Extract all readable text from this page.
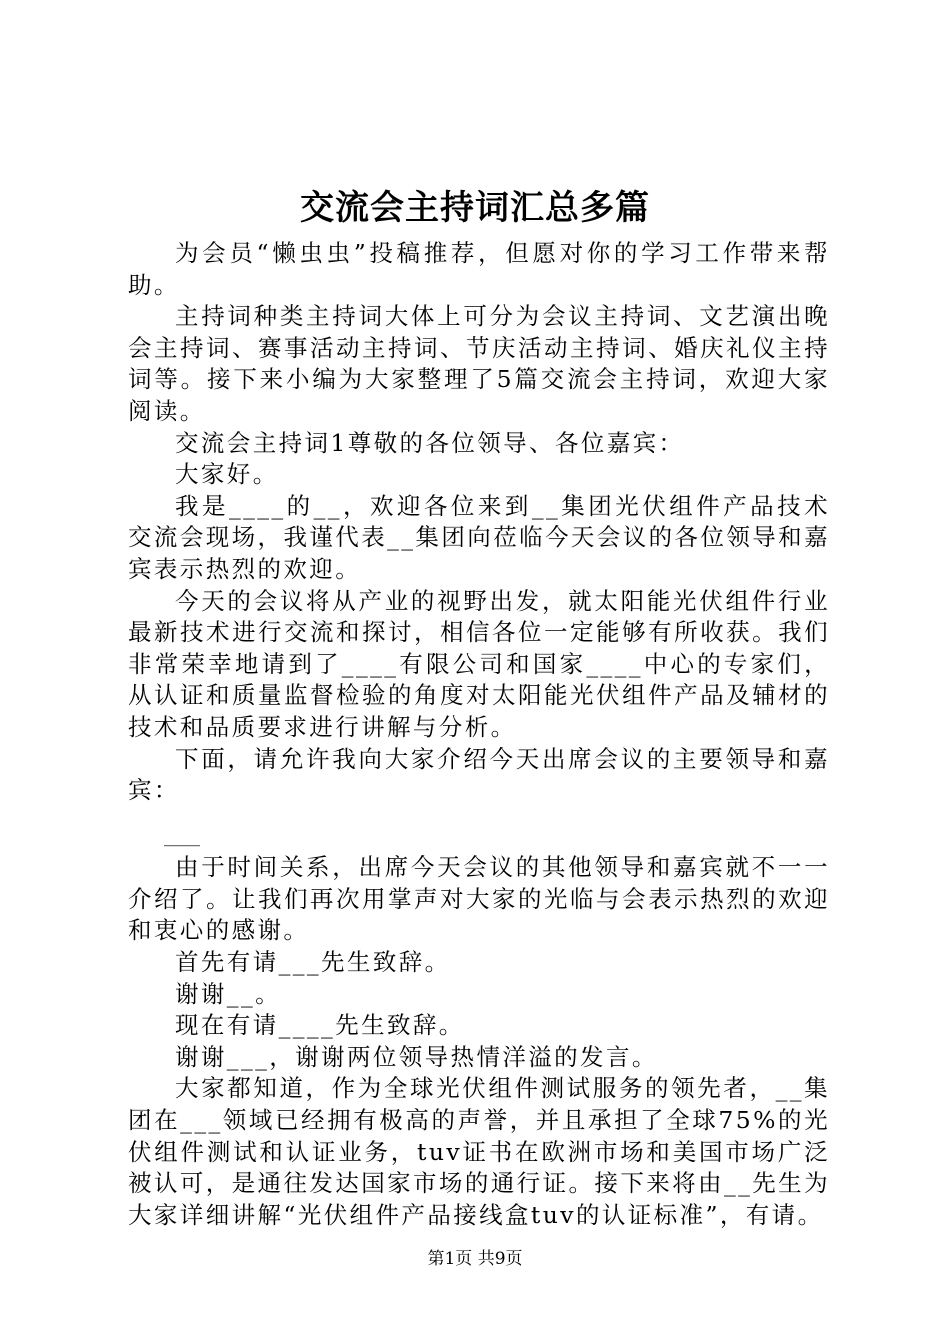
交流会主持词汇总多篇

为会员“懒虫虫”投稿推荐，但愿对你的学习工作带来帮助。

主持词种类主持词大体上可分为会议主持词、文艺演出晚会主持词、赛事活动主持词、节庆活动主持词、婚庆礼仪主持词等。接下来小编为大家整理了5篇交流会主持词，欢迎大家阅读。

交流会主持词1尊敬的各位领导、各位嘉宾：

大家好。

我是____的__，欢迎各位来到__集团光伏组件产品技术交流会现场，我谨代表__集团向莅临今天会议的各位领导和嘉宾表示热烈的欢迎。

今天的会议将从产业的视野出发，就太阳能光伏组件行业最新技术进行交流和探讨，相信各位一定能够有所收获。我们非常荣幸地请到了____有限公司和国家____中心的专家们，从认证和质量监督检验的角度对太阳能光伏组件产品及辅材的技术和品质要求进行讲解与分析。

下面，请允许我向大家介绍今天出席会议的主要领导和嘉宾：

____

由于时间关系，出席今天会议的其他领导和嘉宾就不一一介绍了。让我们再次用掌声对大家的光临与会表示热烈的欢迎和衷心的感谢。

首先有请___先生致辞。

谢谢__。

现在有请____先生致辞。

谢谢___，谢谢两位领导热情洋溢的发言。

大家都知道，作为全球光伏组件测试服务的领先者，__集团在___领域已经拥有极高的声誉，并且承担了全球75%的光伏组件测试和认证业务，tuv证书在欧洲市场和美国市场广泛被认可，是通往发达国家市场的通行证。接下来将由__先生为大家详细讲解“光伏组件产品接线盒tuv的认证标准”，有请。

第1页 共9页
